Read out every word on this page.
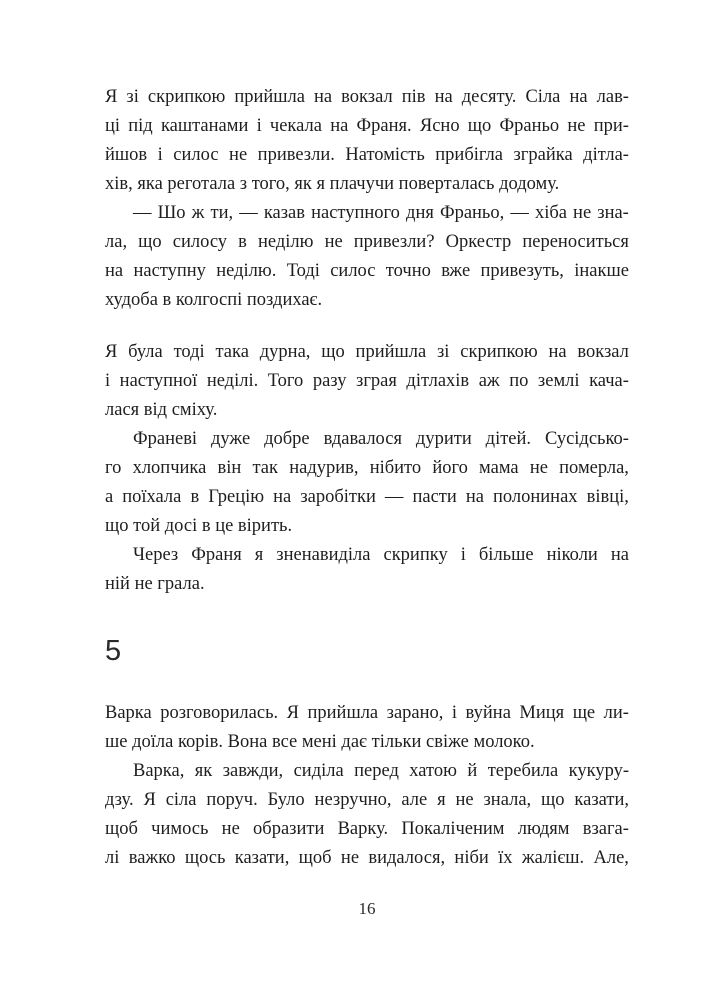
Я зі скрипкою прийшла на вокзал пів на десяту. Сіла на лав-
ці під каштанами і чекала на Франя. Ясно що Франьо не при-
йшов і силос не привезли. Натомість прибігла зграйка дітла-
хів, яка реготала з того, як я плачучи поверталась додому.
— Шо ж ти, — казав наступного дня Франьо, — хіба не зна-
ла, що силосу в неділю не привезли? Оркестр переноситься
на наступну неділю. Тоді силос точно вже привезуть, інакше
худоба в колгоспі поздихає.
Я була тоді така дурна, що прийшла зі скрипкою на вокзал
і наступної неділі. Того разу зграя дітлахів аж по землі кача-
лася від сміху.
Франеві дуже добре вдавалося дурити дітей. Сусідсько-
го хлопчика він так надурив, нібито його мама не померла,
а поїхала в Грецію на заробітки — пасти на полонинах вівці,
що той досі в це вірить.
Через Франя я зненавиділа скрипку і більше ніколи на
ній не грала.
5
Варка розговорилась. Я прийшла зарано, і вуйна Миця ще ли-
ше доїла корів. Вона все мені дає тільки свіже молоко.
Варка, як завжди, сиділа перед хатою й теребила кукуру-
дзу. Я сіла поруч. Було незручно, але я не знала, що казати,
щоб чимось не образити Варку. Покаліченим людям взага-
лі важко щось казати, щоб не видалося, ніби їх жалієш. Але,
16
